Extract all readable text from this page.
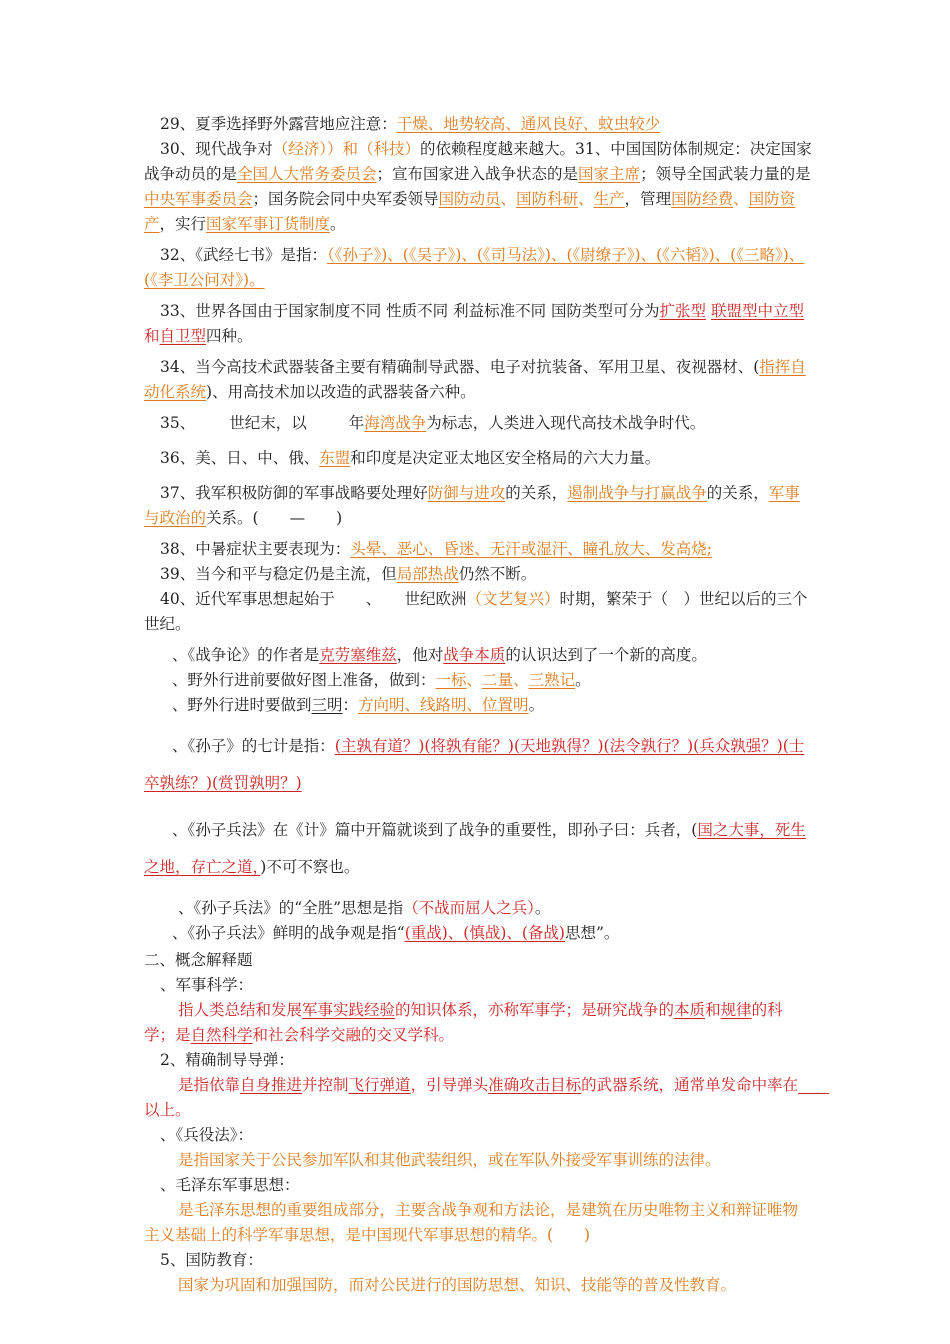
29、夏季选择野外露营地应注意：干燥、地势较高、通风良好、蚊虫较少

30、现代战争对（经济））和（科技）的依赖程度越来越大。31、中国国防体制规定：决定国家战争动员的是全国人大常务委员会；宣布国家进入战争状态的是国家主席；领导全国武装力量的是中央军事委员会；国务院会同中央军委领导国防动员、国防科研、生产，管理国防经费、国防资产，实行国家军事订货制度。

32、《武经七书》是指：（《孙子》)、(《吴子》)、(《司马法》)、(《尉缭子》)、(《六韬》)、(《三略》)、(《李卫公问对》)。

33、世界各国由于国家制度不同 性质不同 利益标准不同 国防类型可分为扩张型 联盟型中立型和自卫型四种。

34、当今高技术武器装备主要有精确制导武器、电子对抗装备、军用卫星、夜视器材、(指挥自动化系统)、用高技术加以改造的武器装备六种。

35、 世纪末，以	年海湾战争为标志，人类进入现代高技术战争时代。

36、美、日、中、俄、东盟和印度是决定亚太地区安全格局的六大力量。

37、我军积极防御的军事战略要处理好防御与进攻的关系，遏制战争与打赢战争的关系，军事与政治的关系。(　　—　　)

38、中暑症状主要表现为：头晕、恶心、昏迷、无汗或湿汗、瞳孔放大、发高烧;

39、当今和平与稳定仍是主流，但局部热战仍然不断。

40、近代军事思想起始于　　、　　世纪欧洲（文艺复兴）时期，繁荣于（　）世纪以后的三个世纪。

、《战争论》的作者是克劳塞维兹，他对战争本质的认识达到了一个新的高度。

、野外行进前要做好图上准备，做到：一标、二量、三熟记。

、野外行进时要做到三明：方向明、线路明、位置明。

、《孙子》的七计是指：(主孰有道？)(将孰有能？)(天地孰得？)(法令孰行？)(兵众孰强？)(士卒孰练？)(赏罚孰明？)

、《孙子兵法》在《计》篇中开篇就谈到了战争的重要性，即孙子曰：兵者，(国之大事，死生之地，存亡之道，)不可不察也。

、《孙子兵法》的“全胜”思想是指（不战而屈人之兵）。

、《孙子兵法》鲜明的战争观是指“(重战)、(慎战)、(备战)思想”。

二、概念解释题

、军事科学：

指人类总结和发展军事实践经验的知识体系，亦称军事学；是研究战争的本质和规律的科学；是自然科学和社会科学交融的交叉学科。

2、精确制导导弹：

是指依靠自身推进并控制飞行弹道，引导弹头准确攻击目标的武器系统，通常单发命中率在　　以上。

、《兵役法》：

是指国家关于公民参加军队和其他武装组织，或在军队外接受军事训练的法律。

、毛泽东军事思想：

是毛泽东思想的重要组成部分，主要含战争观和方法论，是建筑在历史唯物主义和辩证唯物主义基础上的科学军事思想，是中国现代军事思想的精华。(　　)

5、国防教育：

国家为巩固和加强国防，而对公民进行的国防思想、知识、技能等的普及性教育。
